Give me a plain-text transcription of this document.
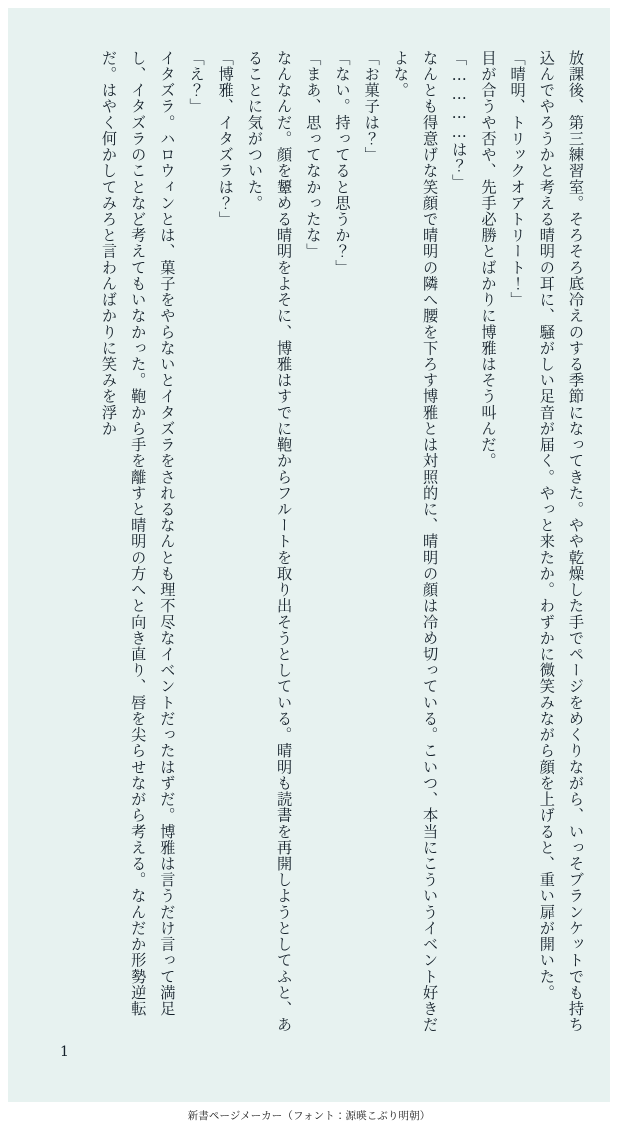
放課後、第三練習室。そろそろ底冷えのする季節になってきた。やや乾燥した手でページをめくりながら、いっそブランケットでも持ち込んでやろうかと考える晴明の耳に、騒がしい足音が届く。やっと来たか。わずかに微笑みながら顔を上げると、重い扉が開いた。

「晴明、トリックオアトリート！」

目が合うや否や、先手必勝とばかりに博雅はそう叫んだ。

「…………は？」

なんとも得意げな笑顔で晴明の隣へ腰を下ろす博雅とは対照的に、晴明の顔は冷め切っている。こいつ、本当にこういうイベント好きだよな。

「お菓子は？」

「ない。持ってると思うか？」

「まあ、思ってなかったな」

なんなんだ。顔を顰める晴明をよそに、博雅はすでに鞄からフルートを取り出そうとしている。晴明も読書を再開しようとしてふと、あることに気がついた。

「博雅、イタズラは？」

「え？」

イタズラ。ハロウィンとは、菓子をやらないとイタズラをされるなんとも理不尽なイベントだったはずだ。博雅は言うだけ言って満足し、イタズラのことなど考えてもいなかった。鞄から手を離すと晴明の方へと向き直り、唇を尖らせながら考える。なんだか形勢逆転だ。はやく何かしてみろと言わんばかりに笑みを浮か

1
新書ページメーカー（フォント：源暎こぶり明朝）
